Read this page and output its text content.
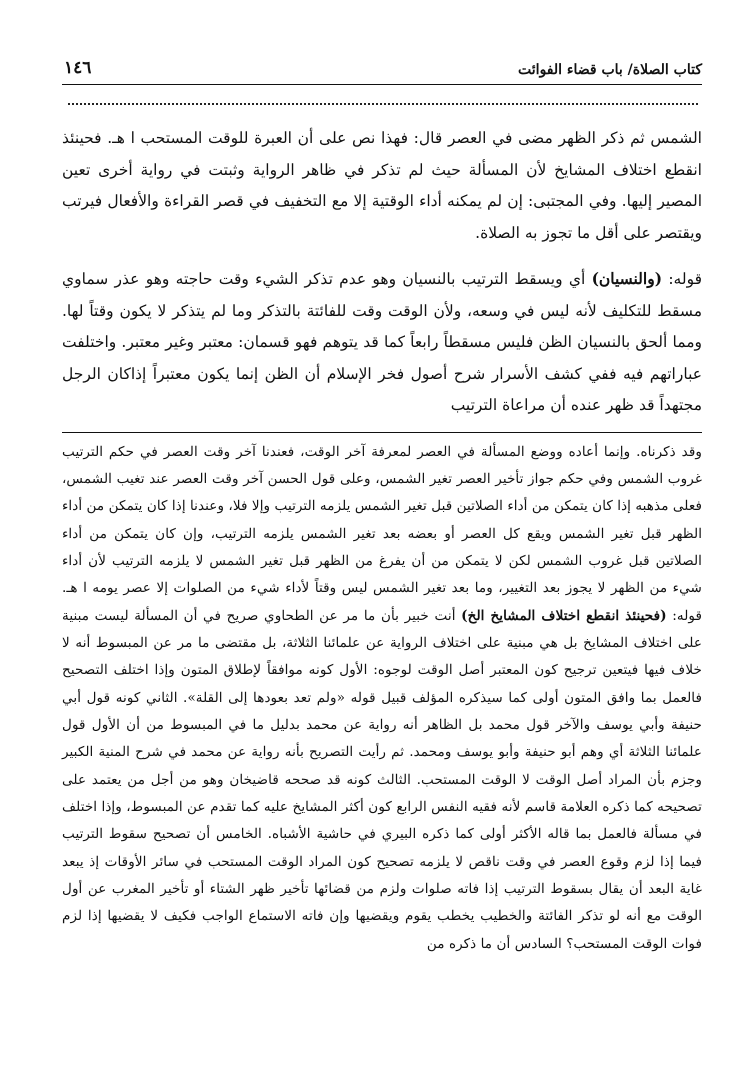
كتاب الصلاة/ باب قضاء الفوائت
١٤٦

الشمس ثم ذكر الظهر مضى في العصر قال: فهذا نص على أن العبرة للوقت المستحب ا هـ. فحينئذ انقطع اختلاف المشايخ لأن المسألة حيث لم تذكر في ظاهر الرواية وثبتت في رواية أخرى تعين المصير إليها. وفي المجتبى: إن لم يمكنه أداء الوقتية إلا مع التخفيف في قصر القراءة والأفعال فيرتب ويقتصر على أقل ما تجوز به الصلاة.

قوله: (والنسيان) أي ويسقط الترتيب بالنسيان وهو عدم تذكر الشيء وقت حاجته وهو عذر سماوي مسقط للتكليف لأنه ليس في وسعه، ولأن الوقت وقت للفائتة بالتذكر وما لم يتذكر لا يكون وقتاً لها. ومما ألحق بالنسيان الظن فليس مسقطاً رابعاً كما قد يتوهم فهو قسمان: معتبر وغير معتبر. واختلفت عباراتهم فيه ففي كشف الأسرار شرح أصول فخر الإسلام أن الظن إنما يكون معتبراً إذاكان الرجل مجتهداً قد ظهر عنده أن مراعاة الترتيب

وقد ذكرناه. وإنما أعاده ووضع المسألة في العصر لمعرفة آخر الوقت، فعندنا آخر وقت العصر في حكم الترتيب غروب الشمس وفي حكم جواز تأخير العصر تغير الشمس، وعلى قول الحسن آخر وقت العصر عند تغيب الشمس، فعلى مذهبه إذا كان يتمكن من أداء الصلاتين قبل تغير الشمس يلزمه الترتيب وإلا فلا، وعندنا إذا كان يتمكن من أداء الظهر قبل تغير الشمس ويقع كل العصر أو بعضه بعد تغير الشمس يلزمه الترتيب، وإن كان يتمكن من أداء الصلاتين قبل غروب الشمس لكن لا يتمكن من أن يفرغ من الظهر قبل تغير الشمس لا يلزمه الترتيب لأن أداء شيء من الظهر لا يجوز بعد التغيير، وما بعد تغير الشمس ليس وقتاً لأداء شيء من الصلوات إلا عصر يومه ا هـ. قوله: (فحينئذ انقطع اختلاف المشايخ الخ) أنت خبير بأن ما مر عن الطحاوي صريح في أن المسألة ليست مبنية على اختلاف المشايخ بل هي مبنية على اختلاف الرواية عن علمائنا الثلاثة، بل مقتضى ما مر عن المبسوط أنه لا خلاف فيها فيتعين ترجيح كون المعتبر أصل الوقت لوجوه: الأول كونه موافقاً لإطلاق المتون وإذا اختلف التصحيح فالعمل بما وافق المتون أولى كما سيذكره المؤلف قبيل قوله «ولم تعد بعودها إلى القلة». الثاني كونه قول أبي حنيفة وأبي يوسف والآخر قول محمد بل الظاهر أنه رواية عن محمد بدليل ما في المبسوط من أن الأول قول علمائنا الثلاثة أي وهم أبو حنيفة وأبو يوسف ومحمد. ثم رأيت التصريح بأنه رواية عن محمد في شرح المنية الكبير وجزم بأن المراد أصل الوقت لا الوقت المستحب. الثالث كونه قد صححه قاضيخان وهو من أجل من يعتمد على تصحيحه كما ذكره العلامة قاسم لأنه فقيه النفس الرابع كون أكثر المشايخ عليه كما تقدم عن المبسوط، وإذا اختلف في مسألة فالعمل بما قاله الأكثر أولى كما ذكره البيري في حاشية الأشباه. الخامس أن تصحيح سقوط الترتيب فيما إذا لزم وقوع العصر في وقت ناقص لا يلزمه تصحيح كون المراد الوقت المستحب في سائر الأوقات إذ يبعد غاية البعد أن يقال بسقوط الترتيب إذا فاته صلوات ولزم من قضائها تأخير ظهر الشتاء أو تأخير المغرب عن أول الوقت مع أنه لو تذكر الفائتة والخطيب يخطب يقوم ويقضيها وإن فاته الاستماع الواجب فكيف لا يقضيها إذا لزم فوات الوقت المستحب؟ السادس أن ما ذكره من
